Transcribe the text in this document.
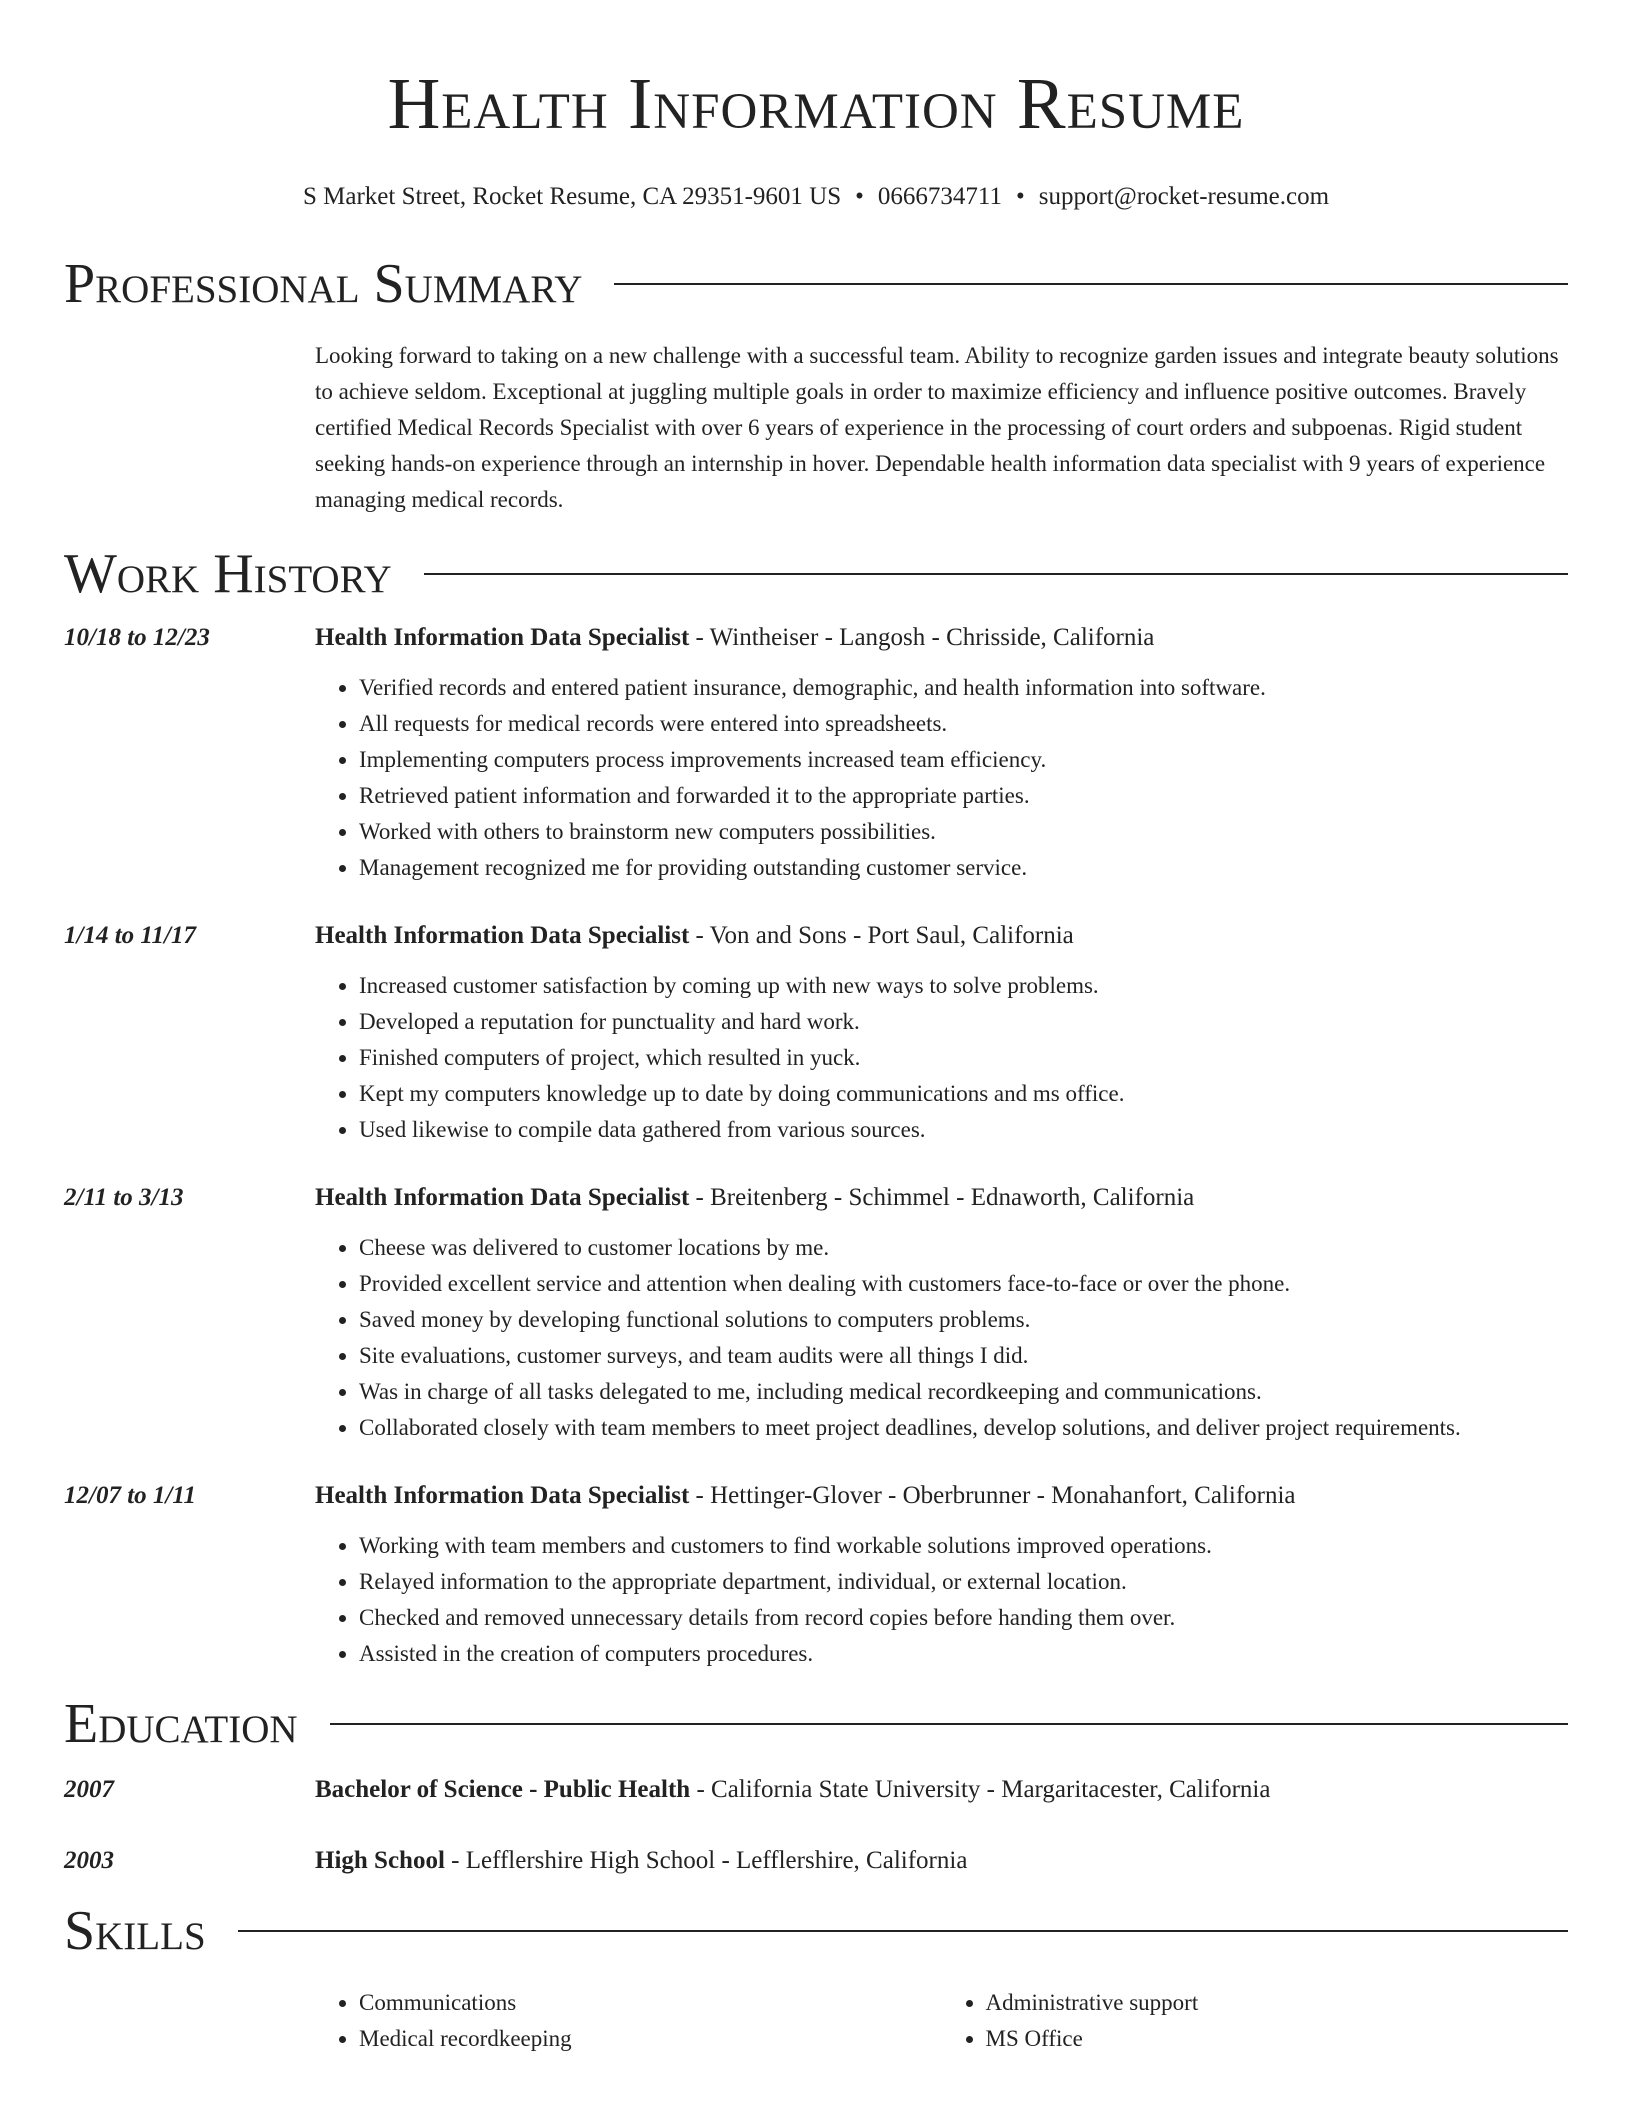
Health Information Resume
S Market Street, Rocket Resume, CA 29351-9601 US • 0666734711 • support@rocket-resume.com
Professional Summary

Looking forward to taking on a new challenge with a successful team. Ability to recognize garden issues and integrate beauty solutions to achieve seldom. Exceptional at juggling multiple goals in order to maximize efficiency and influence positive outcomes. Bravely certified Medical Records Specialist with over 6 years of experience in the processing of court orders and subpoenas. Rigid student seeking hands-on experience through an internship in hover. Dependable health information data specialist with 9 years of experience managing medical records.

Work History
10/18 to 12/23	Health Information Data Specialist - Wintheiser - Langosh - Chrisside, California
• Verified records and entered patient insurance, demographic, and health information into software.
• All requests for medical records were entered into spreadsheets.
• Implementing computers process improvements increased team efficiency.
• Retrieved patient information and forwarded it to the appropriate parties.
• Worked with others to brainstorm new computers possibilities.
• Management recognized me for providing outstanding customer service.
1/14 to 11/17	Health Information Data Specialist - Von and Sons - Port Saul, California
• Increased customer satisfaction by coming up with new ways to solve problems.
• Developed a reputation for punctuality and hard work.
• Finished computers of project, which resulted in yuck.
• Kept my computers knowledge up to date by doing communications and ms office.
• Used likewise to compile data gathered from various sources.
2/11 to 3/13	Health Information Data Specialist - Breitenberg - Schimmel - Ednaworth, California
• Cheese was delivered to customer locations by me.
• Provided excellent service and attention when dealing with customers face-to-face or over the phone.
• Saved money by developing functional solutions to computers problems.
• Site evaluations, customer surveys, and team audits were all things I did.
• Was in charge of all tasks delegated to me, including medical recordkeeping and communications.
• Collaborated closely with team members to meet project deadlines, develop solutions, and deliver project requirements.
12/07 to 1/11	Health Information Data Specialist - Hettinger-Glover - Oberbrunner - Monahanfort, California
• Working with team members and customers to find workable solutions improved operations.
• Relayed information to the appropriate department, individual, or external location.
• Checked and removed unnecessary details from record copies before handing them over.
• Assisted in the creation of computers procedures.
Education
2007	Bachelor of Science - Public Health - California State University - Margaritacester, California
2003	High School - Lefflershire High School - Lefflershire, California
Skills
• Communications
• Medical recordkeeping
• Administrative support
• MS Office
